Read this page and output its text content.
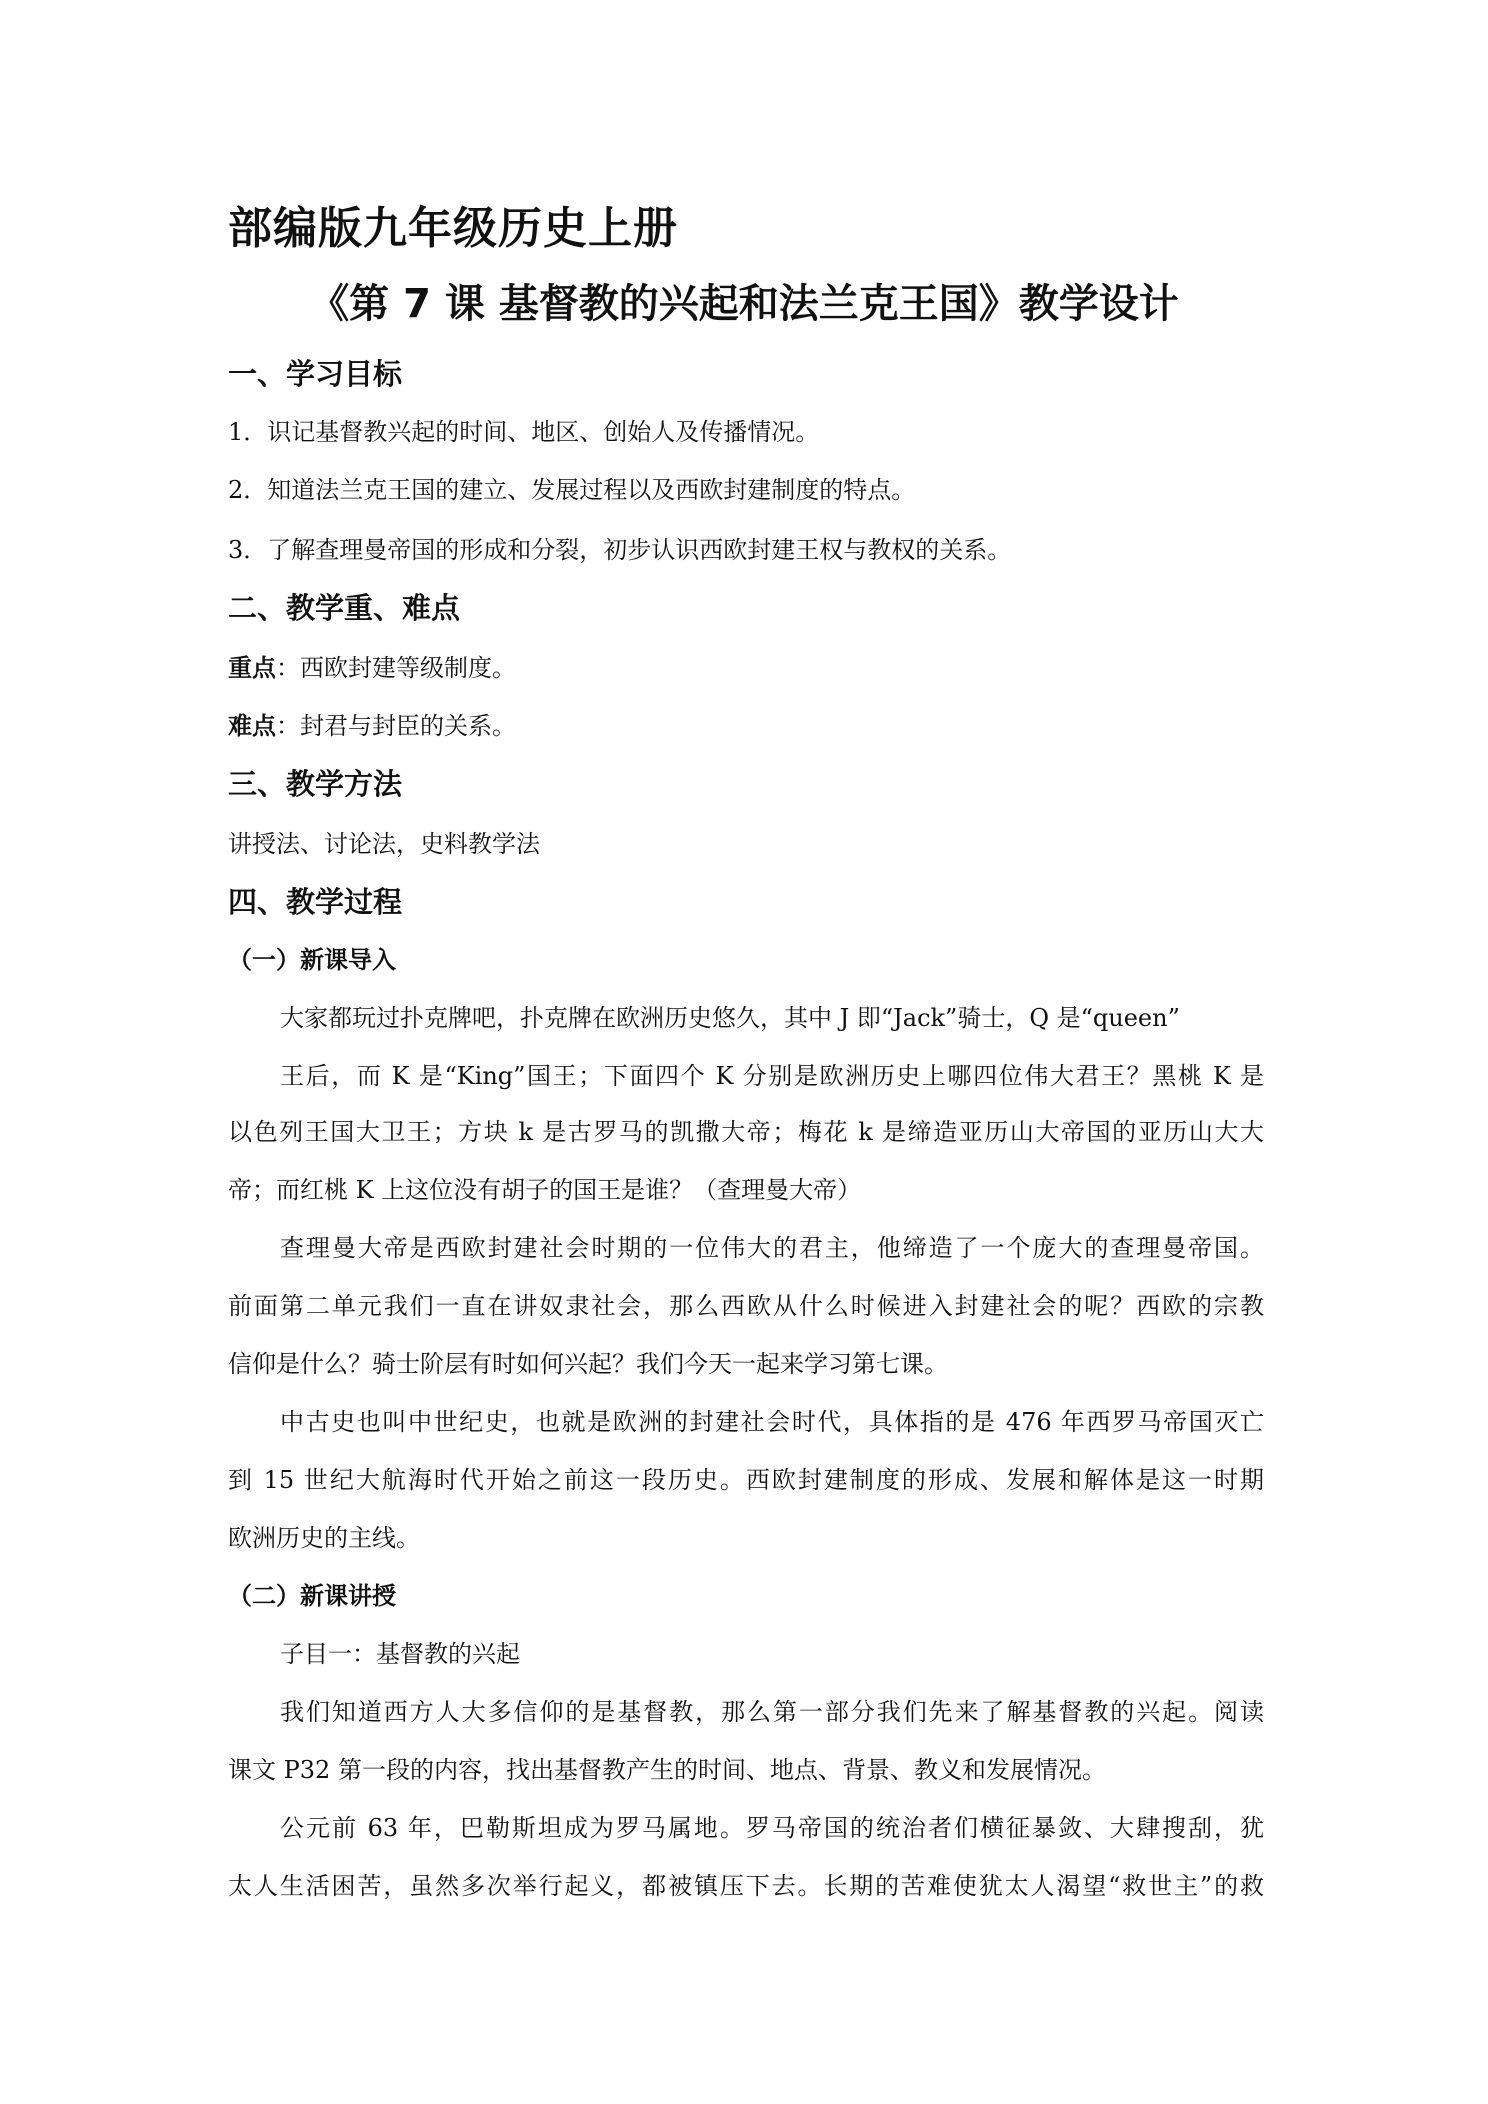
部编版九年级历史上册
《第 7 课 基督教的兴起和法兰克王国》教学设计
一、学习目标
1．识记基督教兴起的时间、地区、创始人及传播情况。
2．知道法兰克王国的建立、发展过程以及西欧封建制度的特点。
3．了解查理曼帝国的形成和分裂，初步认识西欧封建王权与教权的关系。
二、教学重、难点
重点：西欧封建等级制度。
难点：封君与封臣的关系。
三、教学方法
讲授法、讨论法，史料教学法
四、教学过程
（一）新课导入
大家都玩过扑克牌吧，扑克牌在欧洲历史悠久，其中 J 即“Jack”骑士，Q 是“queen”
王后，而 K 是“King”国王；下面四个 K 分别是欧洲历史上哪四位伟大君王？黑桃 K 是
以色列王国大卫王；方块 k 是古罗马的凯撒大帝；梅花 k 是缔造亚历山大帝国的亚历山大大
帝；而红桃 K 上这位没有胡子的国王是谁？（查理曼大帝）
查理曼大帝是西欧封建社会时期的一位伟大的君主，他缔造了一个庞大的查理曼帝国。
前面第二单元我们一直在讲奴隶社会，那么西欧从什么时候进入封建社会的呢？西欧的宗教
信仰是什么？骑士阶层有时如何兴起？我们今天一起来学习第七课。
中古史也叫中世纪史，也就是欧洲的封建社会时代，具体指的是 476 年西罗马帝国灭亡
到 15 世纪大航海时代开始之前这一段历史。西欧封建制度的形成、发展和解体是这一时期
欧洲历史的主线。
（二）新课讲授
子目一：基督教的兴起
我们知道西方人大多信仰的是基督教，那么第一部分我们先来了解基督教的兴起。阅读
课文 P32 第一段的内容，找出基督教产生的时间、地点、背景、教义和发展情况。
公元前 63 年，巴勒斯坦成为罗马属地。罗马帝国的统治者们横征暴敛、大肆搜刮，犹
太人生活困苦，虽然多次举行起义，都被镇压下去。长期的苦难使犹太人渴望“救世主”的救
